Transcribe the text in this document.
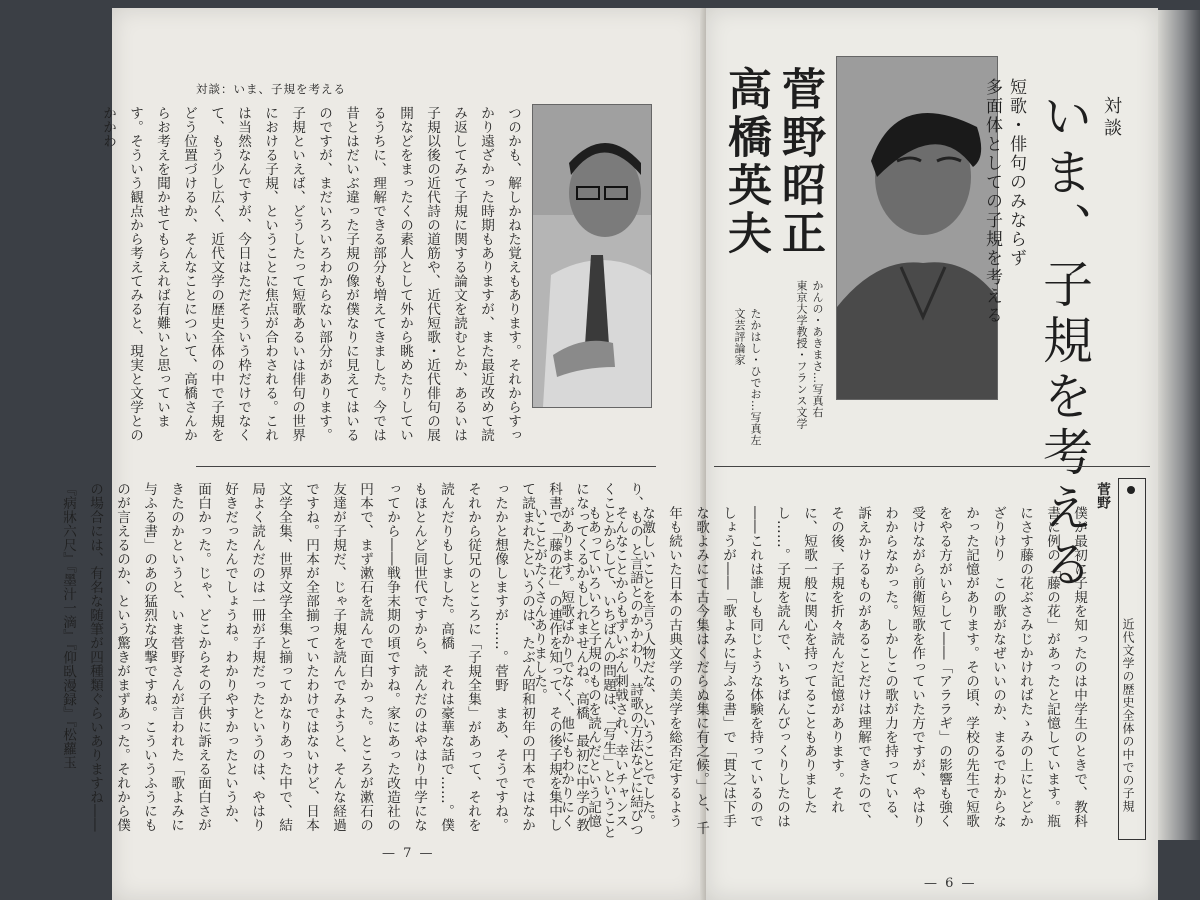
対談：いま、子規を考える
つのかも、解しかねた覚えもあります。それからすっかり遠ざかった時期もありますが、また最近改めて読み返してみて子規に関する論文を読むとか、あるいは子規以後の近代詩の道筋や、近代短歌・近代俳句の展開などをまったくの素人として外から眺めたりしているうちに、理解できる部分も増えてきました。今では昔とはだいぶ違った子規の像が僕なりに見えてはいるのですが、まだいろいろわからない部分があります。子規といえば、どうしたって短歌あるいは俳句の世界における子規、ということに焦点が合わされる。これは当然なんですが、今日はただそういう枠だけでなくて、もう少し広く、近代文学の歴史全体の中で子規をどう位置づけるか、そんなことについて、高橋さんからお考えを聞かせてもらえれば有難いと思っています。そういう観点から考えてみると、現実と文学とのかかわ
り、もの と言語とのかかわり、詩歌の方法などに結びつくことからして、いちばんの問題は、「写生」ということになってくるかもしれませんね。高橋　最初に中学の教科書で「藤の花」の連作を知って、その後子規を集中して読まれたというのは、たぶん昭和初年の円本ではなかったかと想像しますが……。菅野　まあ、そうですね。それから従兄のところに「子規全集」があって、それを読んだりもしました。高橋　それは豪華な話で……。僕もほとんど同世代ですから、読んだのはやはり中学になってから――戦争末期の頃ですね。家にあった改造社の円本で、まず漱石を読んで面白かった。ところが漱石の友達が子規だ、じゃ子規を読んでみようと、そんな経過ですね。円本が全部揃っていたわけではないけど、日本文学全集、世界文学全集と揃ってかなりあった中で、結局よく読んだのは一冊が子規だったというのは、やはり好きだったんでしょうね。わかりやすかったというか、面白かった。じゃ、どこからその子供に訴える面白さがきたのかというと、いま菅野さんが言われた「歌よみに与ふる書」のあの猛烈な攻撃ですね。こういうふうにものが言えるのか、という驚きがまずあった。それから僕の場合には、有名な随筆が四種類ぐらいありますね――『病牀六尺』『墨汁一滴』『仰臥漫録』『松蘿玉
— 7 —
対談
いま、子規を考える
短歌・俳句のみならず
多面体としての子規を考える
菅野昭正
高橋英夫
かんの・あきまさ…写真右
東京大学教授・フランス文学
たかはし・ひでお…写真左
文芸評論家
近代文学の歴史全体の中での子規
菅野
僕が最初に子規を知ったのは中学生のときで、教科書に例の「藤の花」があったと記憶しています。瓶にさす藤の花ぶさみじかければたゝみの上にとどかざりけり　この歌がなぜいいのか、まるでわからなかった記憶があります。その頃、学校の先生で短歌をやる方がいらして――「アララギ」の影響も強く受けながら前衛短歌を作っていた方ですが、やはりわからなかった。しかしこの歌が力を持っている、訴えかけるものがあることだけは理解できたので、その後、子規を折々読んだ記憶があります。それに、短歌一般に関心を持ってることもありましたし……。子規を読んで、いちばんびっくりしたのは――これは誰しも同じような体験を持っているのでしょうが――「歌よみに与ふる書」で「貫之は下手な歌よみにて古今集はくだらぬ集に有之候。」と、千年も続いた日本の古典文学の美学を総否定するような激しいことを言う人物だな、ということでした。そんなことからもずいぶん刺戟され、幸いチャンスもあっていろいろと子規のものを読んだという記憶があります。短歌ばかりでなく、他にもわかりにくいことがたくさんありました。
— 6 —
